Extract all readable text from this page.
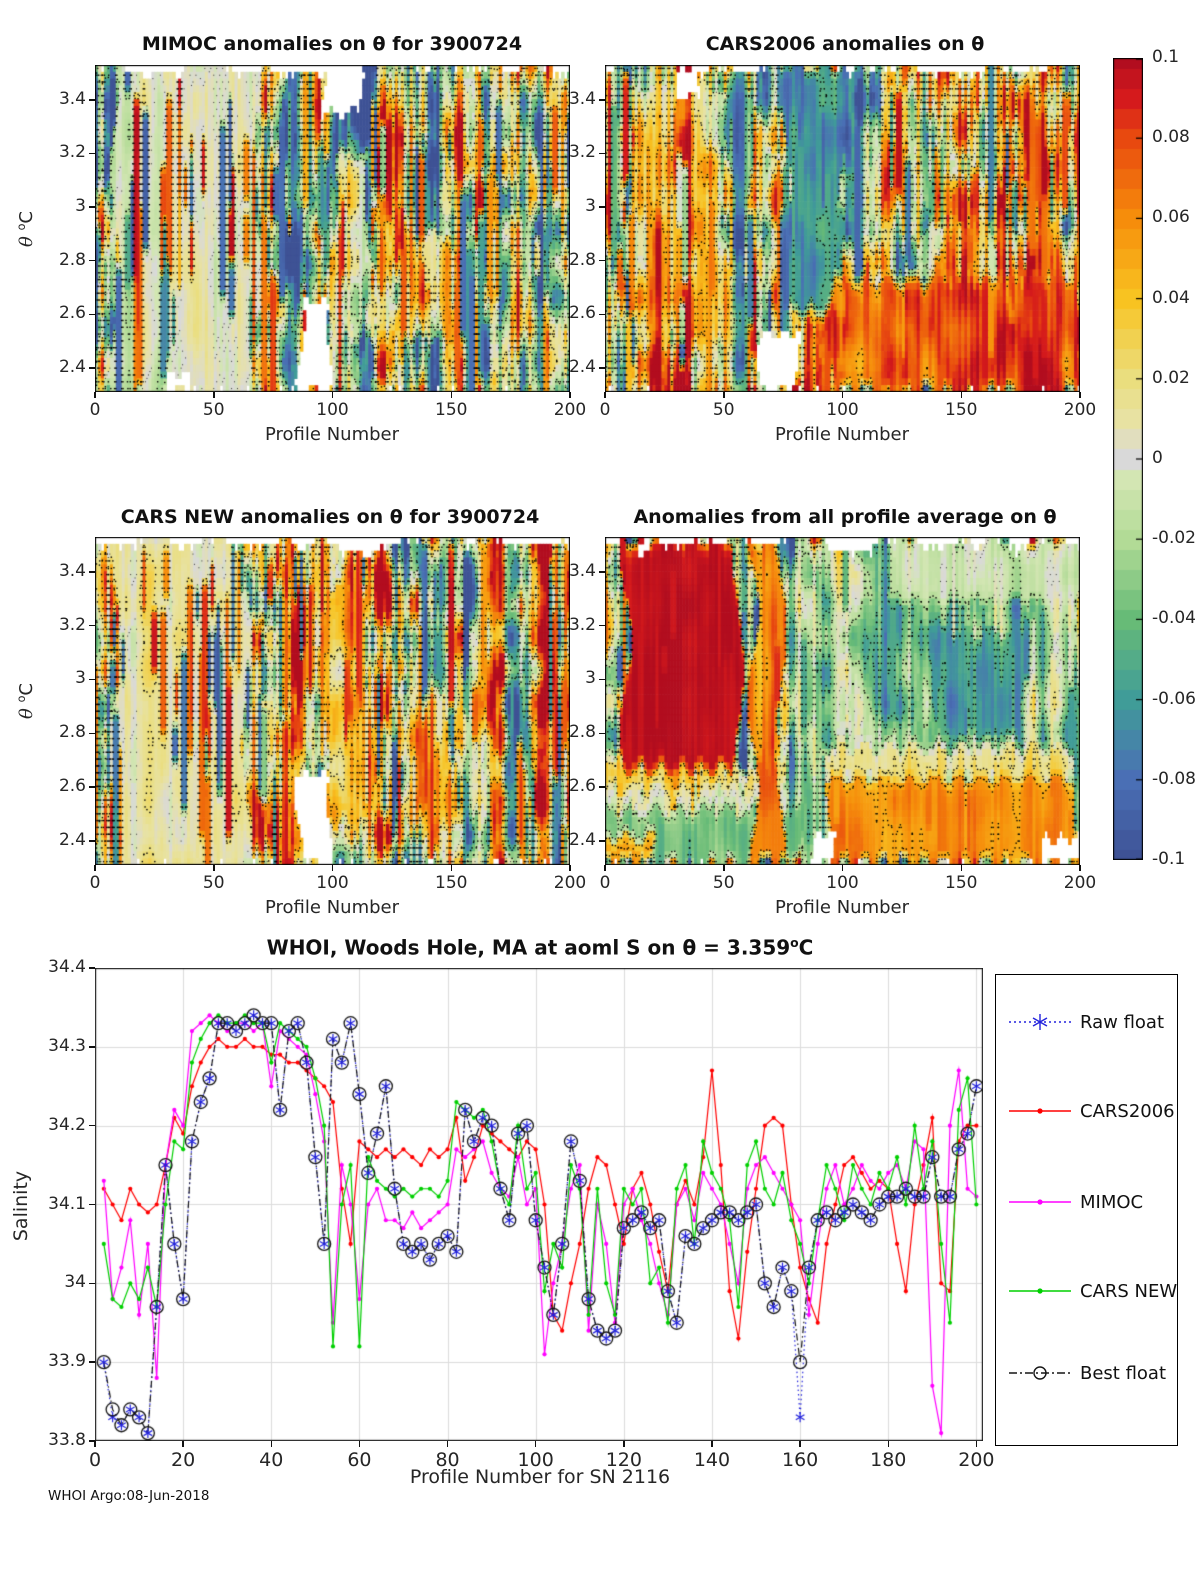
MIMOC anomalies on θ for 3900724	CARS2006 anomalies on θ
CARS NEW anomalies on θ for 3900724	Anomalies from all profile average on θ
Profile Number	Profile Number
Profile Number	Profile Number
θ $^o$C
θ $^o$C
WHOI, Woods Hole, MA at aoml S on $\theta = 3.359^oC$
Profile Number for SN 2116
Salinity
Raw float
CARS2006
MIMOC
CARS NEW
Best float
WHOI Argo:08-Jun-2018
0	50	100	150	200
3.4
3.2
3
2.8
2.6
2.4
0	50	100	150	200
3.4
3.2
3
2.8
2.6
2.4
0	50	100	150	200
3.4
3.2
3
2.8
2.6
2.4
0	50	100	150	200
3.4
3.2
3
2.8
2.6
2.4
0.1
0.08
0.06
0.04
0.02
0
-0.02
-0.04
-0.06
-0.08
-0.1
0	20	40	60	80	100	120	140	160	180	200
33.8
33.9
34
34.1
34.2
34.3
34.4
